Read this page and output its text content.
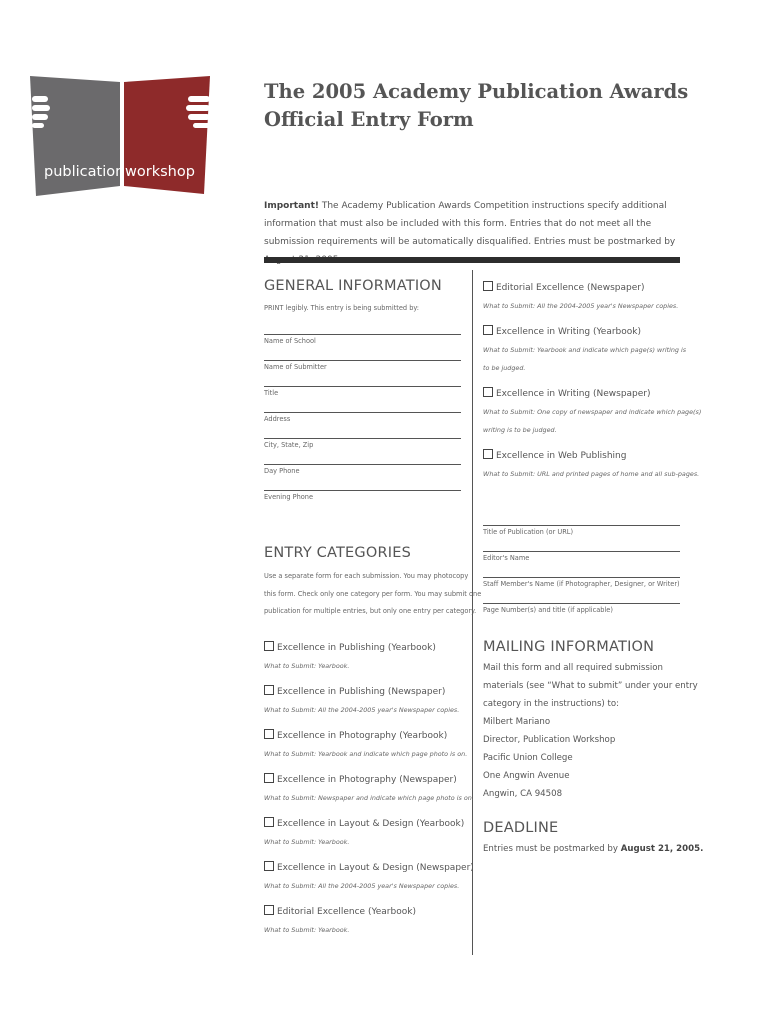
publication workshop
The 2005 Academy Publication Awards
Official Entry Form
Important! The Academy Publication Awards Competition instructions specify additional information that must also be included with this form. Entries that do not meet all the submission requirements will be automatically disqualified. Entries must be postmarked by
GENERAL INFORMATION
PRINT legibly. This entry is being submitted by:
Name of School
Name of Submitter
Title
Address
City, State, Zip
Day Phone
Evening Phone
ENTRY CATEGORIES
Use a separate form for each submission. You may photocopy
this form. Check only one category per form. You may submit one
publication for multiple entries, but only one entry per category.
Excellence in Publishing (Yearbook)
What to Submit: Yearbook.
Excellence in Publishing (Newspaper)
What to Submit: All the 2004-2005 year's Newspaper copies.
Excellence in Photography (Yearbook)
What to Submit: Yearbook and indicate which page photo is on.
Excellence in Photography (Newspaper)
What to Submit: Newspaper and indicate which page photo is on.
Excellence in Layout & Design (Yearbook)
What to Submit: Yearbook.
Excellence in Layout & Design (Newspaper)
What to Submit: All the 2004-2005 year's Newspaper copies.
Editorial Excellence (Yearbook)
What to Submit: Yearbook.
Editorial Excellence (Newspaper)
What to Submit: All the 2004-2005 year's Newspaper copies.
Excellence in Writing (Yearbook)
What to Submit: Yearbook and indicate which page(s) writing is
to be judged.
Excellence in Writing (Newspaper)
What to Submit: One copy of newspaper and indicate which page(s)
writing is to be judged.
Excellence in Web Publishing
What to Submit: URL and printed pages of home and all sub-pages.
Title of Publication (or URL)
Editor's Name
Staff Member's Name (if Photographer, Designer, or Writer)
Page Number(s) and title (if applicable)
MAILING INFORMATION
Mail this form and all required submission
materials (see “What to submit” under your entry
category in the instructions) to:
Milbert Mariano
Director, Publication Workshop
Pacific Union College
One Angwin Avenue
Angwin, CA 94508
DEADLINE
Entries must be postmarked by August 21, 2005.
